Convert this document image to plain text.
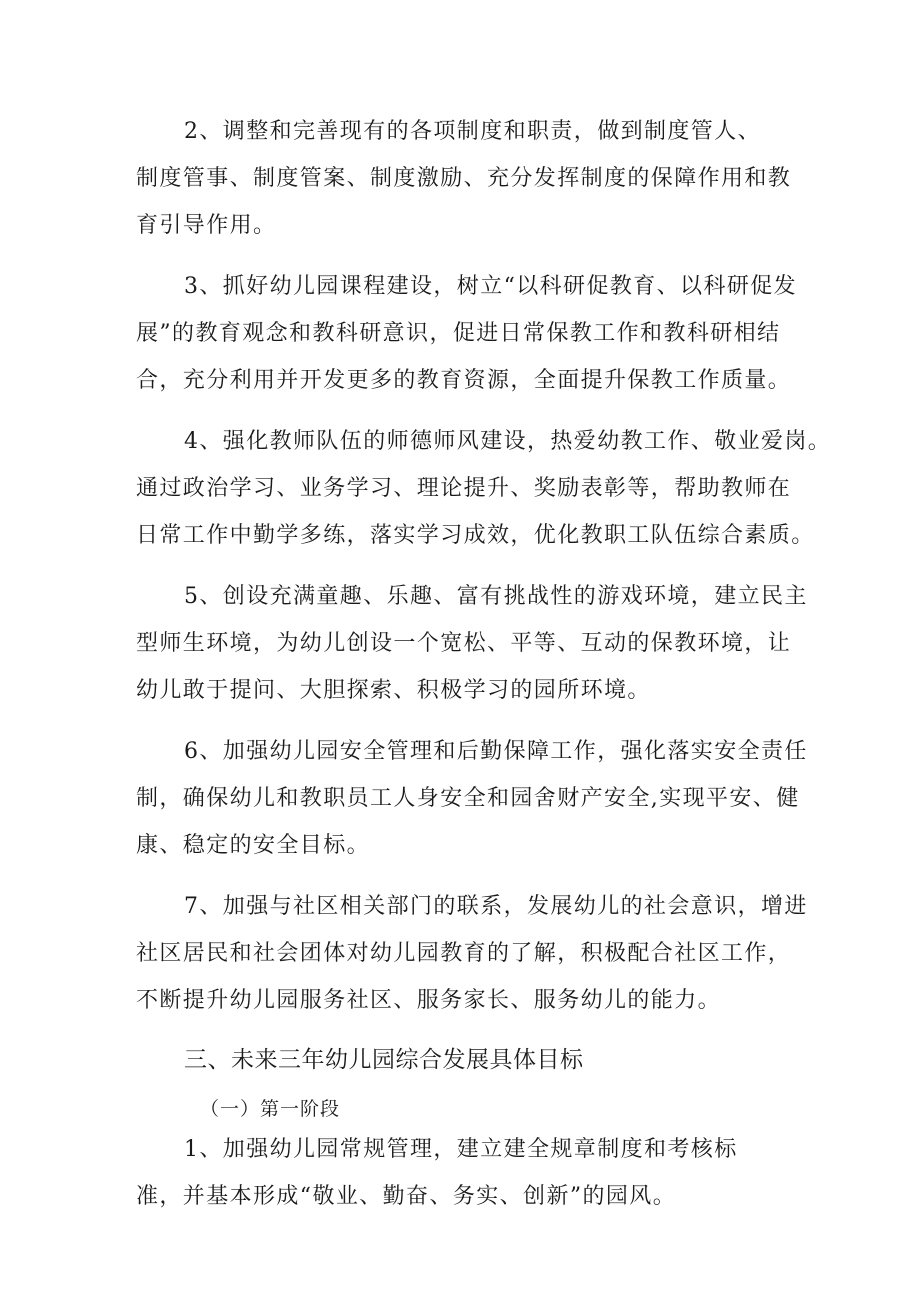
2、调整和完善现有的各项制度和职责，做到制度管人、
制度管事、制度管案、制度激励、充分发挥制度的保障作用和教
育引导作用。

3、抓好幼儿园课程建设，树立“以科研促教育、以科研促发
展”的教育观念和教科研意识，促进日常保教工作和教科研相结
合，充分利用并开发更多的教育资源，全面提升保教工作质量。

4、强化教师队伍的师德师风建设，热爱幼教工作、敬业爱岗。
通过政治学习、业务学习、理论提升、奖励表彰等，帮助教师在
日常工作中勤学多练，落实学习成效，优化教职工队伍综合素质。

5、创设充满童趣、乐趣、富有挑战性的游戏环境，建立民主
型师生环境，为幼儿创设一个宽松、平等、互动的保教环境，让
幼儿敢于提问、大胆探索、积极学习的园所环境。

6、加强幼儿园安全管理和后勤保障工作，强化落实安全责任
制，确保幼儿和教职员工人身安全和园舍财产安全,实现平安、健
康、稳定的安全目标。

7、加强与社区相关部门的联系，发展幼儿的社会意识，增进
社区居民和社会团体对幼儿园教育的了解，积极配合社区工作，
不断提升幼儿园服务社区、服务家长、服务幼儿的能力。

三、未来三年幼儿园综合发展具体目标
（一）第一阶段

1、加强幼儿园常规管理，建立建全规章制度和考核标
准，并基本形成“敬业、勤奋、务实、创新”的园风。
